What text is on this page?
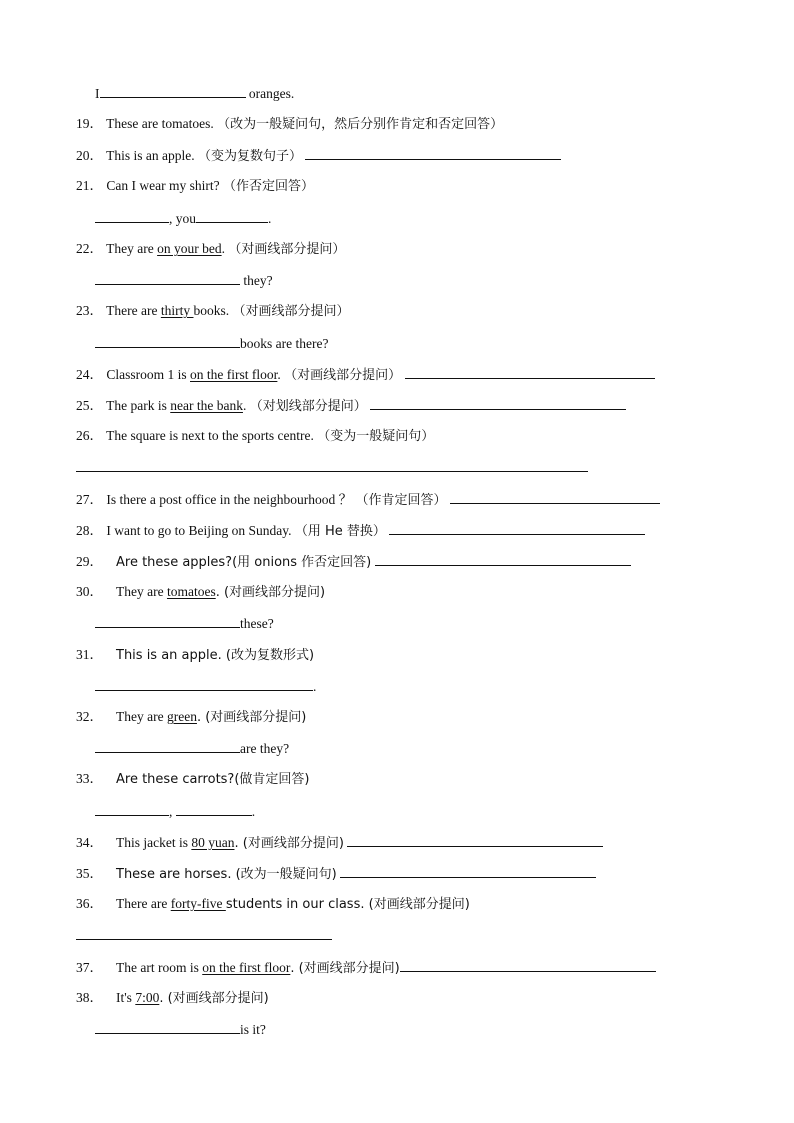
I	oranges.
19． These are tomatoes. （改为一般疑问句，然后分别作肯定和否定回答）
20． This is an apple. （变为复数句子）
21． Can I wear my shirt? （作否定回答）
, you	.
22． They are on your bed. （对画线部分提问）
they?
23． There are thirty books. （对画线部分提问）
books are there?
24． Classroom 1 is on the first floor. （对画线部分提问）
25． The park is near the bank. （对划线部分提问）
26． The square is next to the sports centre. （变为一般疑问句）
27． Is there a post office in the neighbourhood ？ （作肯定回答）
28． I want to go to Beijing on Sunday. （用 He 替换）
29． Are these apples?(用 onions 作否定回答)
30． They are tomatoes. (对画线部分提问)
these?
31． This is an apple. (改为复数形式)
.
32． They are green. (对画线部分提问)
are they?
33． Are these carrots?(做肯定回答)
,	.
34． This jacket is 80 yuan. (对画线部分提问)
35． These are horses. (改为一般疑问句)
36． There are forty-five students in our class. (对画线部分提问)
37． The art room is on the first floor. (对画线部分提问)
38． It's 7:00. (对画线部分提问)
is it?
